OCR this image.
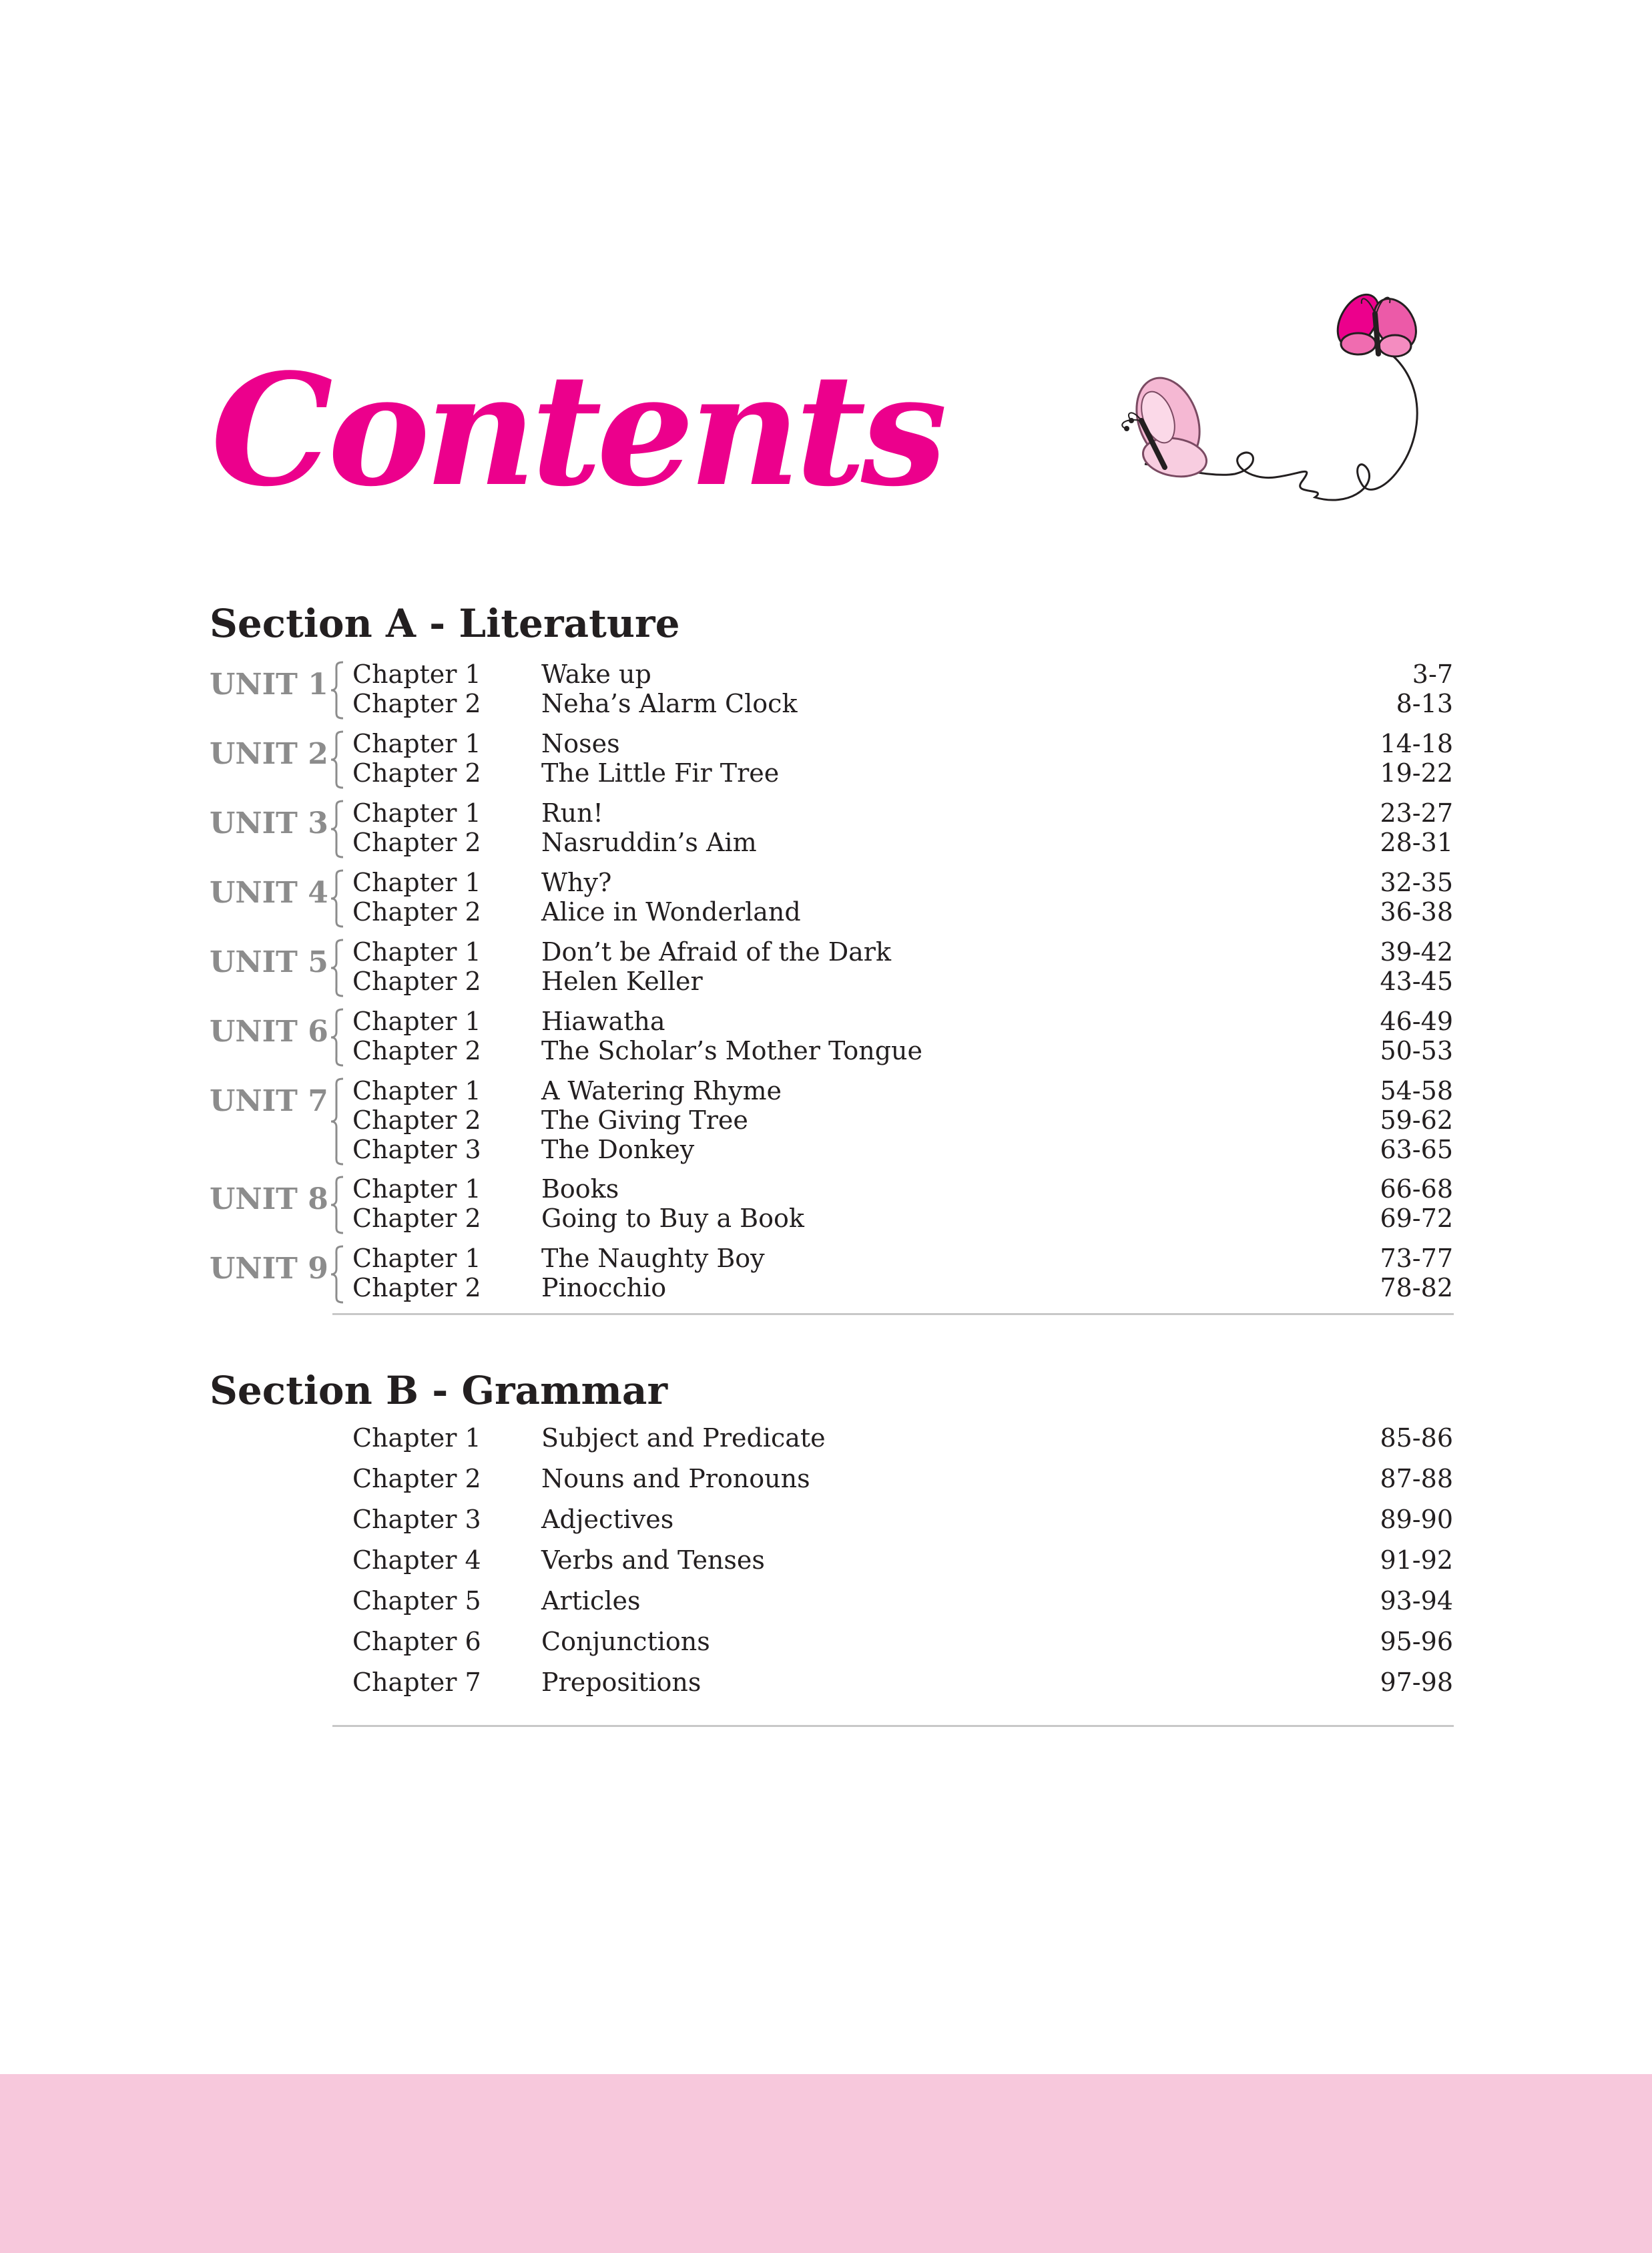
Contents
Section A - Literature
UNIT 1 Chapter 1 Wake up	3-7
Chapter 2 Neha’s Alarm Clock	8-13
UNIT 2 Chapter 1 Noses	14-18
Chapter 2 The Little Fir Tree	19-22
UNIT 3 Chapter 1 Run!	23-27
Chapter 2 Nasruddin’s Aim	28-31
UNIT 4 Chapter 1 Why?	32-35
Chapter 2 Alice in Wonderland	36-38
UNIT 5 Chapter 1 Don’t be Afraid of the Dark	39-42
Chapter 2 Helen Keller	43-45
UNIT 6 Chapter 1 Hiawatha	46-49
Chapter 2 The Scholar’s Mother Tongue	50-53
UNIT 7 Chapter 1 A Watering Rhyme	54-58
Chapter 2 The Giving Tree	59-62
Chapter 3 The Donkey	63-65
UNIT 8 Chapter 1 Books	66-68
Chapter 2 Going to Buy a Book	69-72
UNIT 9 Chapter 1 The Naughty Boy	73-77
Chapter 2 Pinocchio	78-82
Section B - Grammar
Chapter 1 Subject and Predicate	85-86
Chapter 2 Nouns and Pronouns	87-88
Chapter 3 Adjectives	89-90
Chapter 4 Verbs and Tenses	91-92
Chapter 5 Articles	93-94
Chapter 6 Conjunctions	95-96
Chapter 7 Prepositions	97-98
